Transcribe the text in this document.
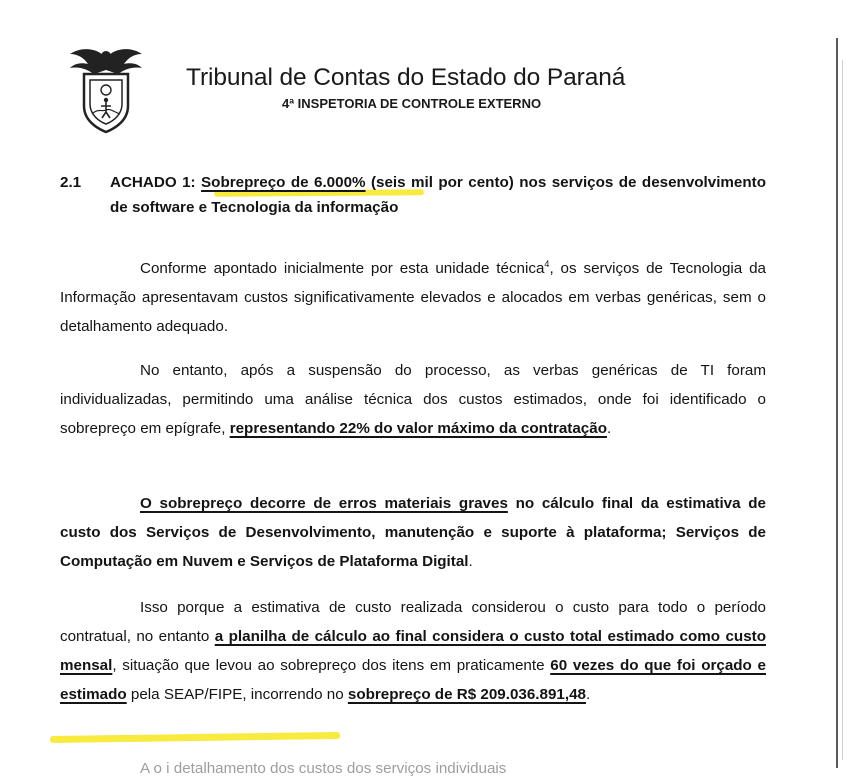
Tribunal de Contas do Estado do Paraná
4ª INSPETORIA DE CONTROLE EXTERNO
2.1 ACHADO 1: Sobrepreço de 6.000% (seis mil por cento) nos serviços de desenvolvimento de software e Tecnologia da informação
Conforme apontado inicialmente por esta unidade técnica$^4$, os serviços de Tecnologia da Informação apresentavam custos significativamente elevados e alocados em verbas genéricas, sem o detalhamento adequado.
No entanto, após a suspensão do processo, as verbas genéricas de TI foram individualizadas, permitindo uma análise técnica dos custos estimados, onde foi identificado o sobrepreço em epígrafe, representando 22% do valor máximo da contratação.
O sobrepreço decorre de erros materiais graves no cálculo final da estimativa de custo dos Serviços de Desenvolvimento, manutenção e suporte à plataforma; Serviços de Computação em Nuvem e Serviços de Plataforma Digital.
Isso porque a estimativa de custo realizada considerou o custo para todo o período contratual, no entanto a planilha de cálculo ao final considera o custo total estimado como custo mensal, situação que levou ao sobrepreço dos itens em praticamente 60 vezes do que foi orçado e estimado pela SEAP/FIPE, incorrendo no sobrepreço de R$ 209.036.891,48.
A o i detalhamento dos custos dos serviços individuais
